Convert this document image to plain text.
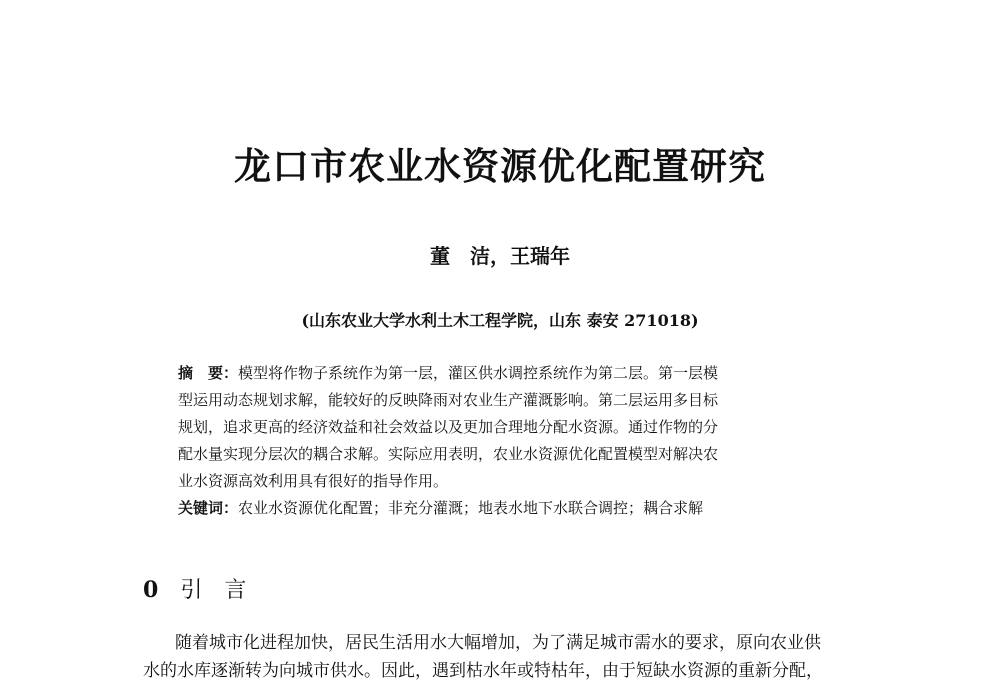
龙口市农业水资源优化配置研究
董　洁，王瑞年
(山东农业大学水利土木工程学院，山东 泰安 271018)
摘　要：模型将作物子系统作为第一层，灌区供水调控系统作为第二层。第一层模
型运用动态规划求解，能较好的反映降雨对农业生产灌溉影响。第二层运用多目标
规划，追求更高的经济效益和社会效益以及更加合理地分配水资源。通过作物的分
配水量实现分层次的耦合求解。实际应用表明，农业水资源优化配置模型对解决农
业水资源高效利用具有很好的指导作用。
关键词：农业水资源优化配置；非充分灌溉；地表水地下水联合调控；耦合求解
0 引　言
随着城市化进程加快，居民生活用水大幅增加，为了满足城市需水的要求，原向农业供
水的水库逐渐转为向城市供水。因此，遇到枯水年或特枯年，由于短缺水资源的重新分配，
